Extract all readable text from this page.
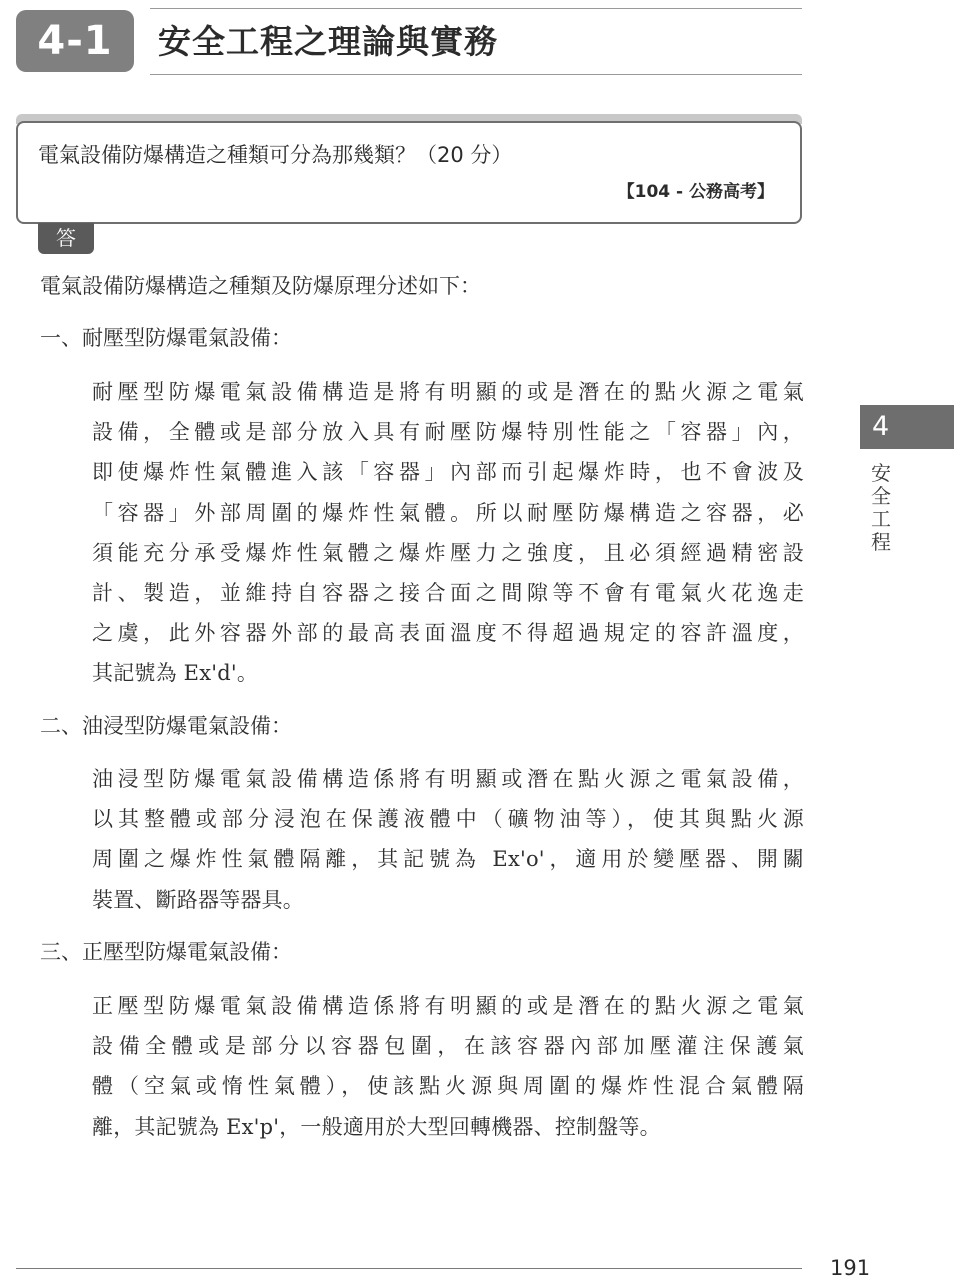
4-1	安全工程之理論與實務
電氣設備防爆構造之種類可分為那幾類？（20 分）
【104 - 公務高考】
答
電氣設備防爆構造之種類及防爆原理分述如下：
一、耐壓型防爆電氣設備：
耐壓型防爆電氣設備構造是將有明顯的或是潛在的點火源之電氣
設備，全體或是部分放入具有耐壓防爆特別性能之「容器」內，
即使爆炸性氣體進入該「容器」內部而引起爆炸時，也不會波及
「容器」外部周圍的爆炸性氣體。所以耐壓防爆構造之容器，必
須能充分承受爆炸性氣體之爆炸壓力之強度，且必須經過精密設
計、製造，並維持自容器之接合面之間隙等不會有電氣火花逸走
之虞，此外容器外部的最高表面溫度不得超過規定的容許溫度，
其記號為 Ex'd'。
二、油浸型防爆電氣設備：
油浸型防爆電氣設備構造係將有明顯或潛在點火源之電氣設備，
以其整體或部分浸泡在保護液體中（礦物油等），使其與點火源
周圍之爆炸性氣體隔離，其記號為 Ex'o'，適用於變壓器、開關
裝置、斷路器等器具。
三、正壓型防爆電氣設備：
正壓型防爆電氣設備構造係將有明顯的或是潛在的點火源之電氣
設備全體或是部分以容器包圍，在該容器內部加壓灌注保護氣
體（空氣或惰性氣體），使該點火源與周圍的爆炸性混合氣體隔
離，其記號為 Ex'p'，一般適用於大型回轉機器、控制盤等。
4
安全工程
191
